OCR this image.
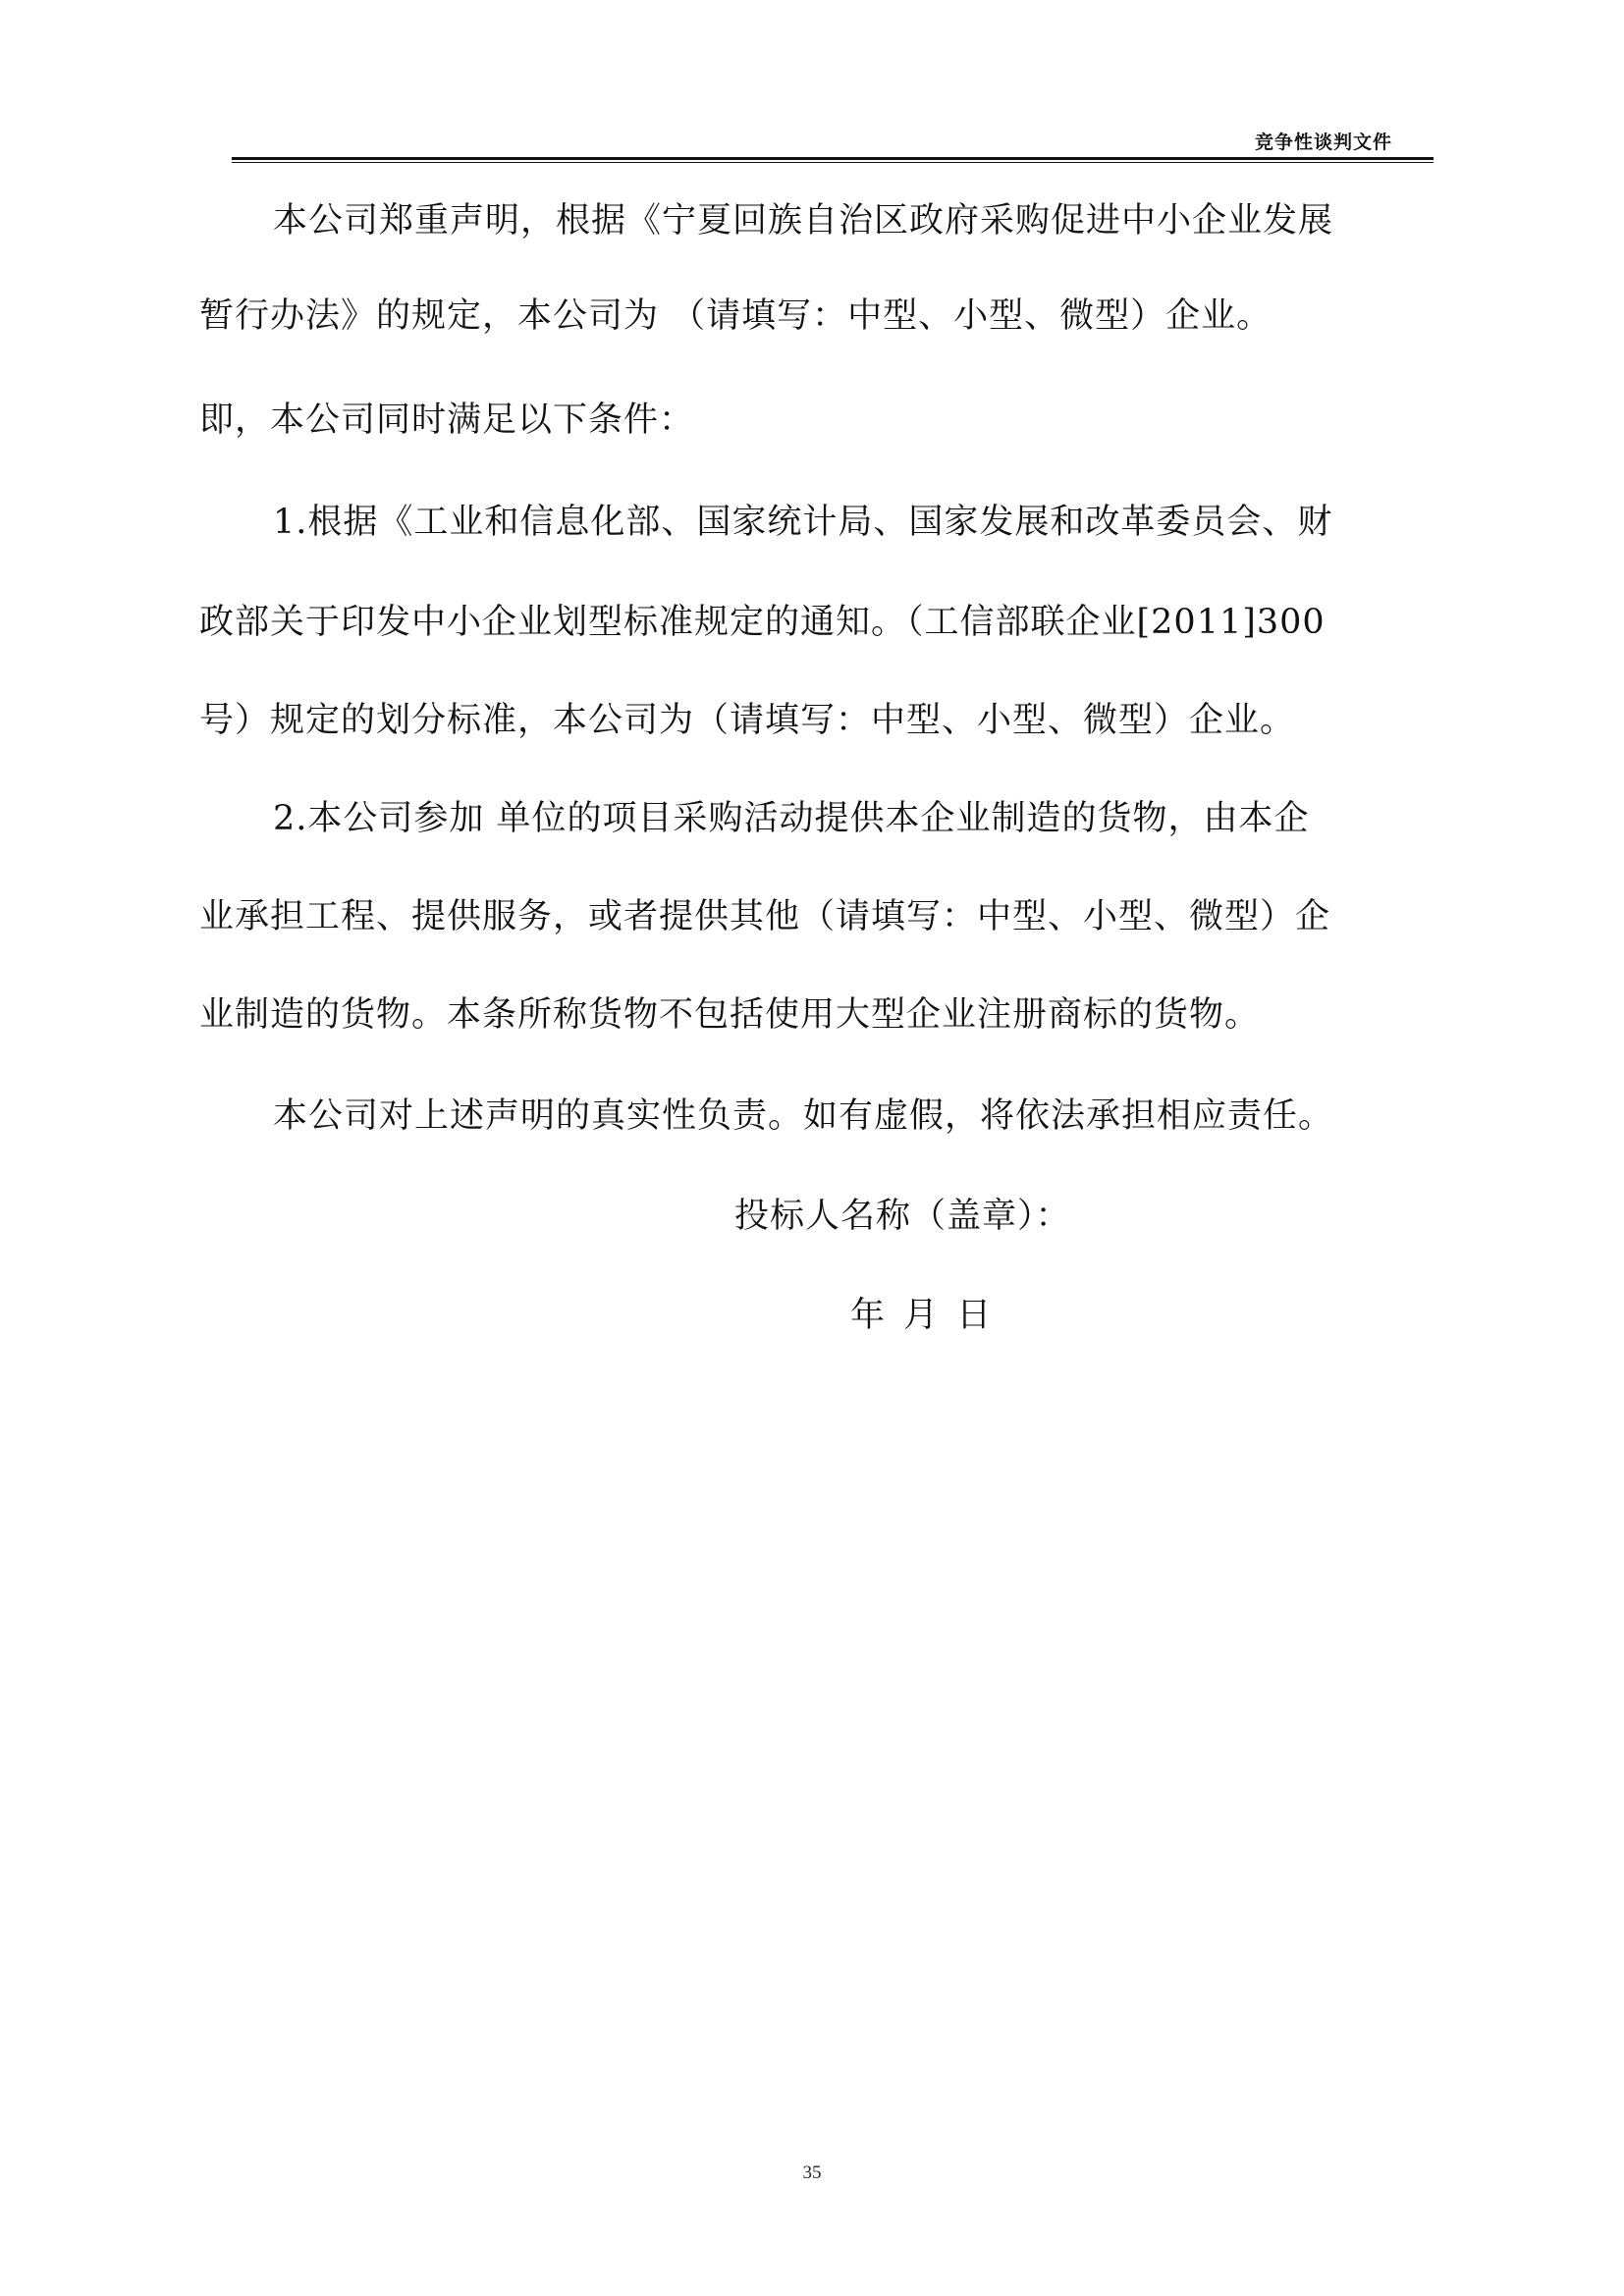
竞争性谈判文件

本公司郑重声明，根据《宁夏回族自治区政府采购促进中小企业发展

暂行办法》的规定，本公司为 （请填写：中型、小型、微型）企业。

即，本公司同时满足以下条件：

1.根据《工业和信息化部、国家统计局、国家发展和改革委员会、财

政部关于印发中小企业划型标准规定的通知。（工信部联企业[2011]300

号）规定的划分标准，本公司为（请填写：中型、小型、微型）企业。

2.本公司参加 单位的项目采购活动提供本企业制造的货物，由本企

业承担工程、提供服务，或者提供其他（请填写：中型、小型、微型）企

业制造的货物。本条所称货物不包括使用大型企业注册商标的货物。

本公司对上述声明的真实性负责。如有虚假，将依法承担相应责任。

投标人名称（盖章）：

年 月 日

35
